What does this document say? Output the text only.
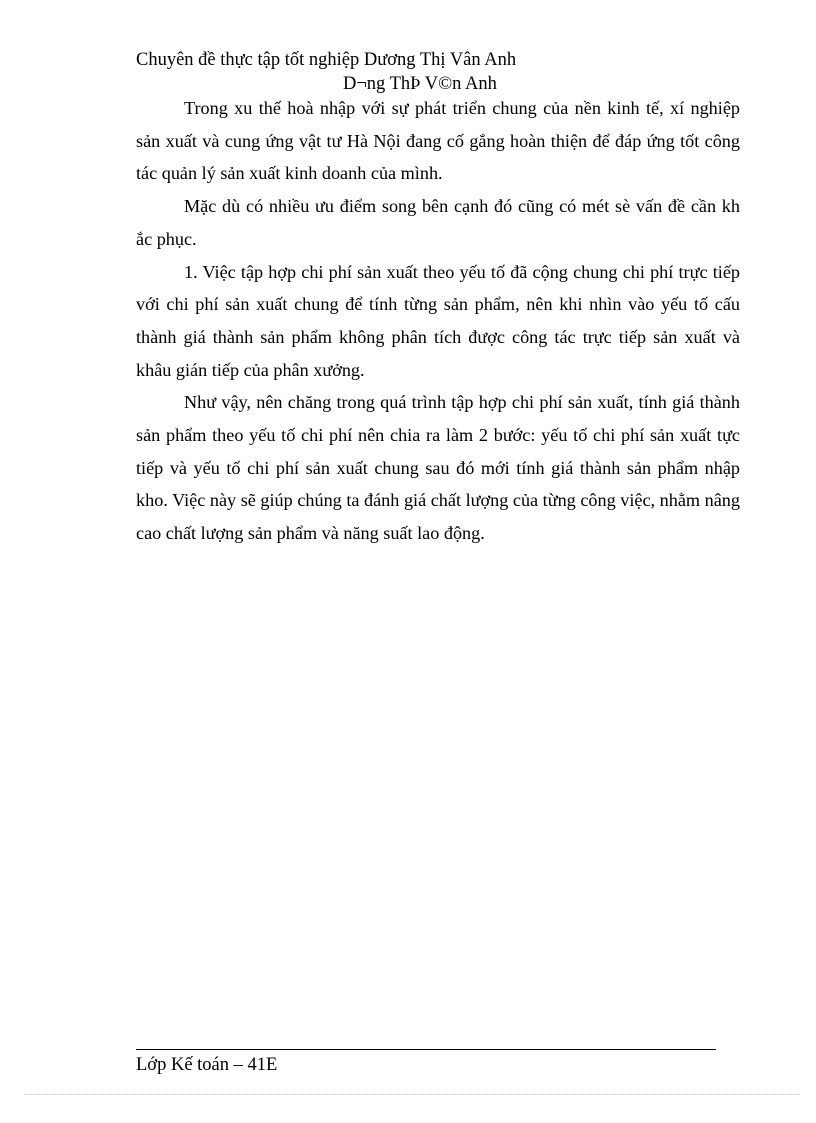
Chuyên đề thực tập tốt nghiệp Dương Thị Vân Anh
D¬ng ThÞ V©n Anh

Trong xu thế hoà nhập với sự phát triển chung của nền kinh tế, xí nghiệp sản xuất và cung ứng vật tư Hà Nội đang cố gắng hoàn thiện để đáp ứng tốt công tác quản lý sản xuất kinh doanh của mình.

Mặc dù có nhiều ưu điểm song bên cạnh đó cũng có mét sè vấn đề cần kh ắc phục.

1. Việc tập hợp chi phí sản xuất theo yếu tố đã cộng chung chi phí trực tiếp với chi phí sản xuất chung để tính từng sản phẩm, nên khi nhìn vào yếu tố cấu thành giá thành sản phẩm không phân tích được công tác trực tiếp sản xuất và khâu gián tiếp của phân xưởng.

Như vậy, nên chăng trong quá trình tập hợp chi phí sản xuất, tính giá thành sản phẩm theo yếu tố chi phí nên chia ra làm 2 bước: yếu tố chi phí sản xuất tực tiếp và yếu tố chi phí sản xuất chung sau đó mới tính giá thành sản phẩm nhập kho. Việc này sẽ giúp chúng ta đánh giá chất lượng của từng công việc, nhằm nâng cao chất lượng sản phẩm và năng suất lao động.

Lớp Kế toán – 41E
